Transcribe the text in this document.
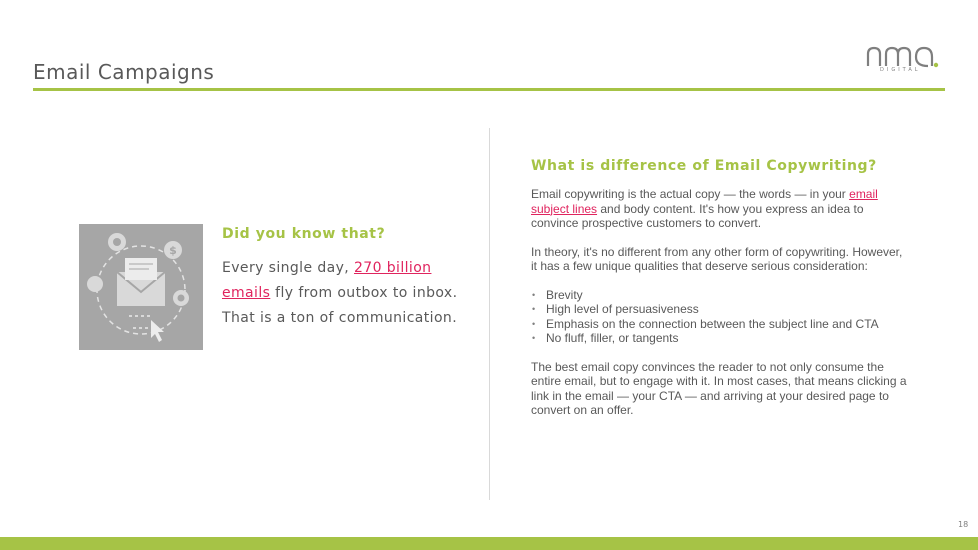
Email Campaigns	DIGITAL
$
Did you know that?
Every single day, 270 billion emails fly from outbox to inbox. That is a ton of communication.
What is difference of Email Copywriting?

Email copywriting is the actual copy — the words — in your email subject lines and body content. It's how you express an idea to convince prospective customers to convert.

In theory, it's no different from any other form of copywriting. However, it has a few unique qualities that deserve serious consideration:

• Brevity
• High level of persuasiveness
• Emphasis on the connection between the subject line and CTA
• No fluff, filler, or tangents

The best email copy convinces the reader to not only consume the entire email, but to engage with it. In most cases, that means clicking a link in the email — your CTA — and arriving at your desired page to convert on an offer.

18
